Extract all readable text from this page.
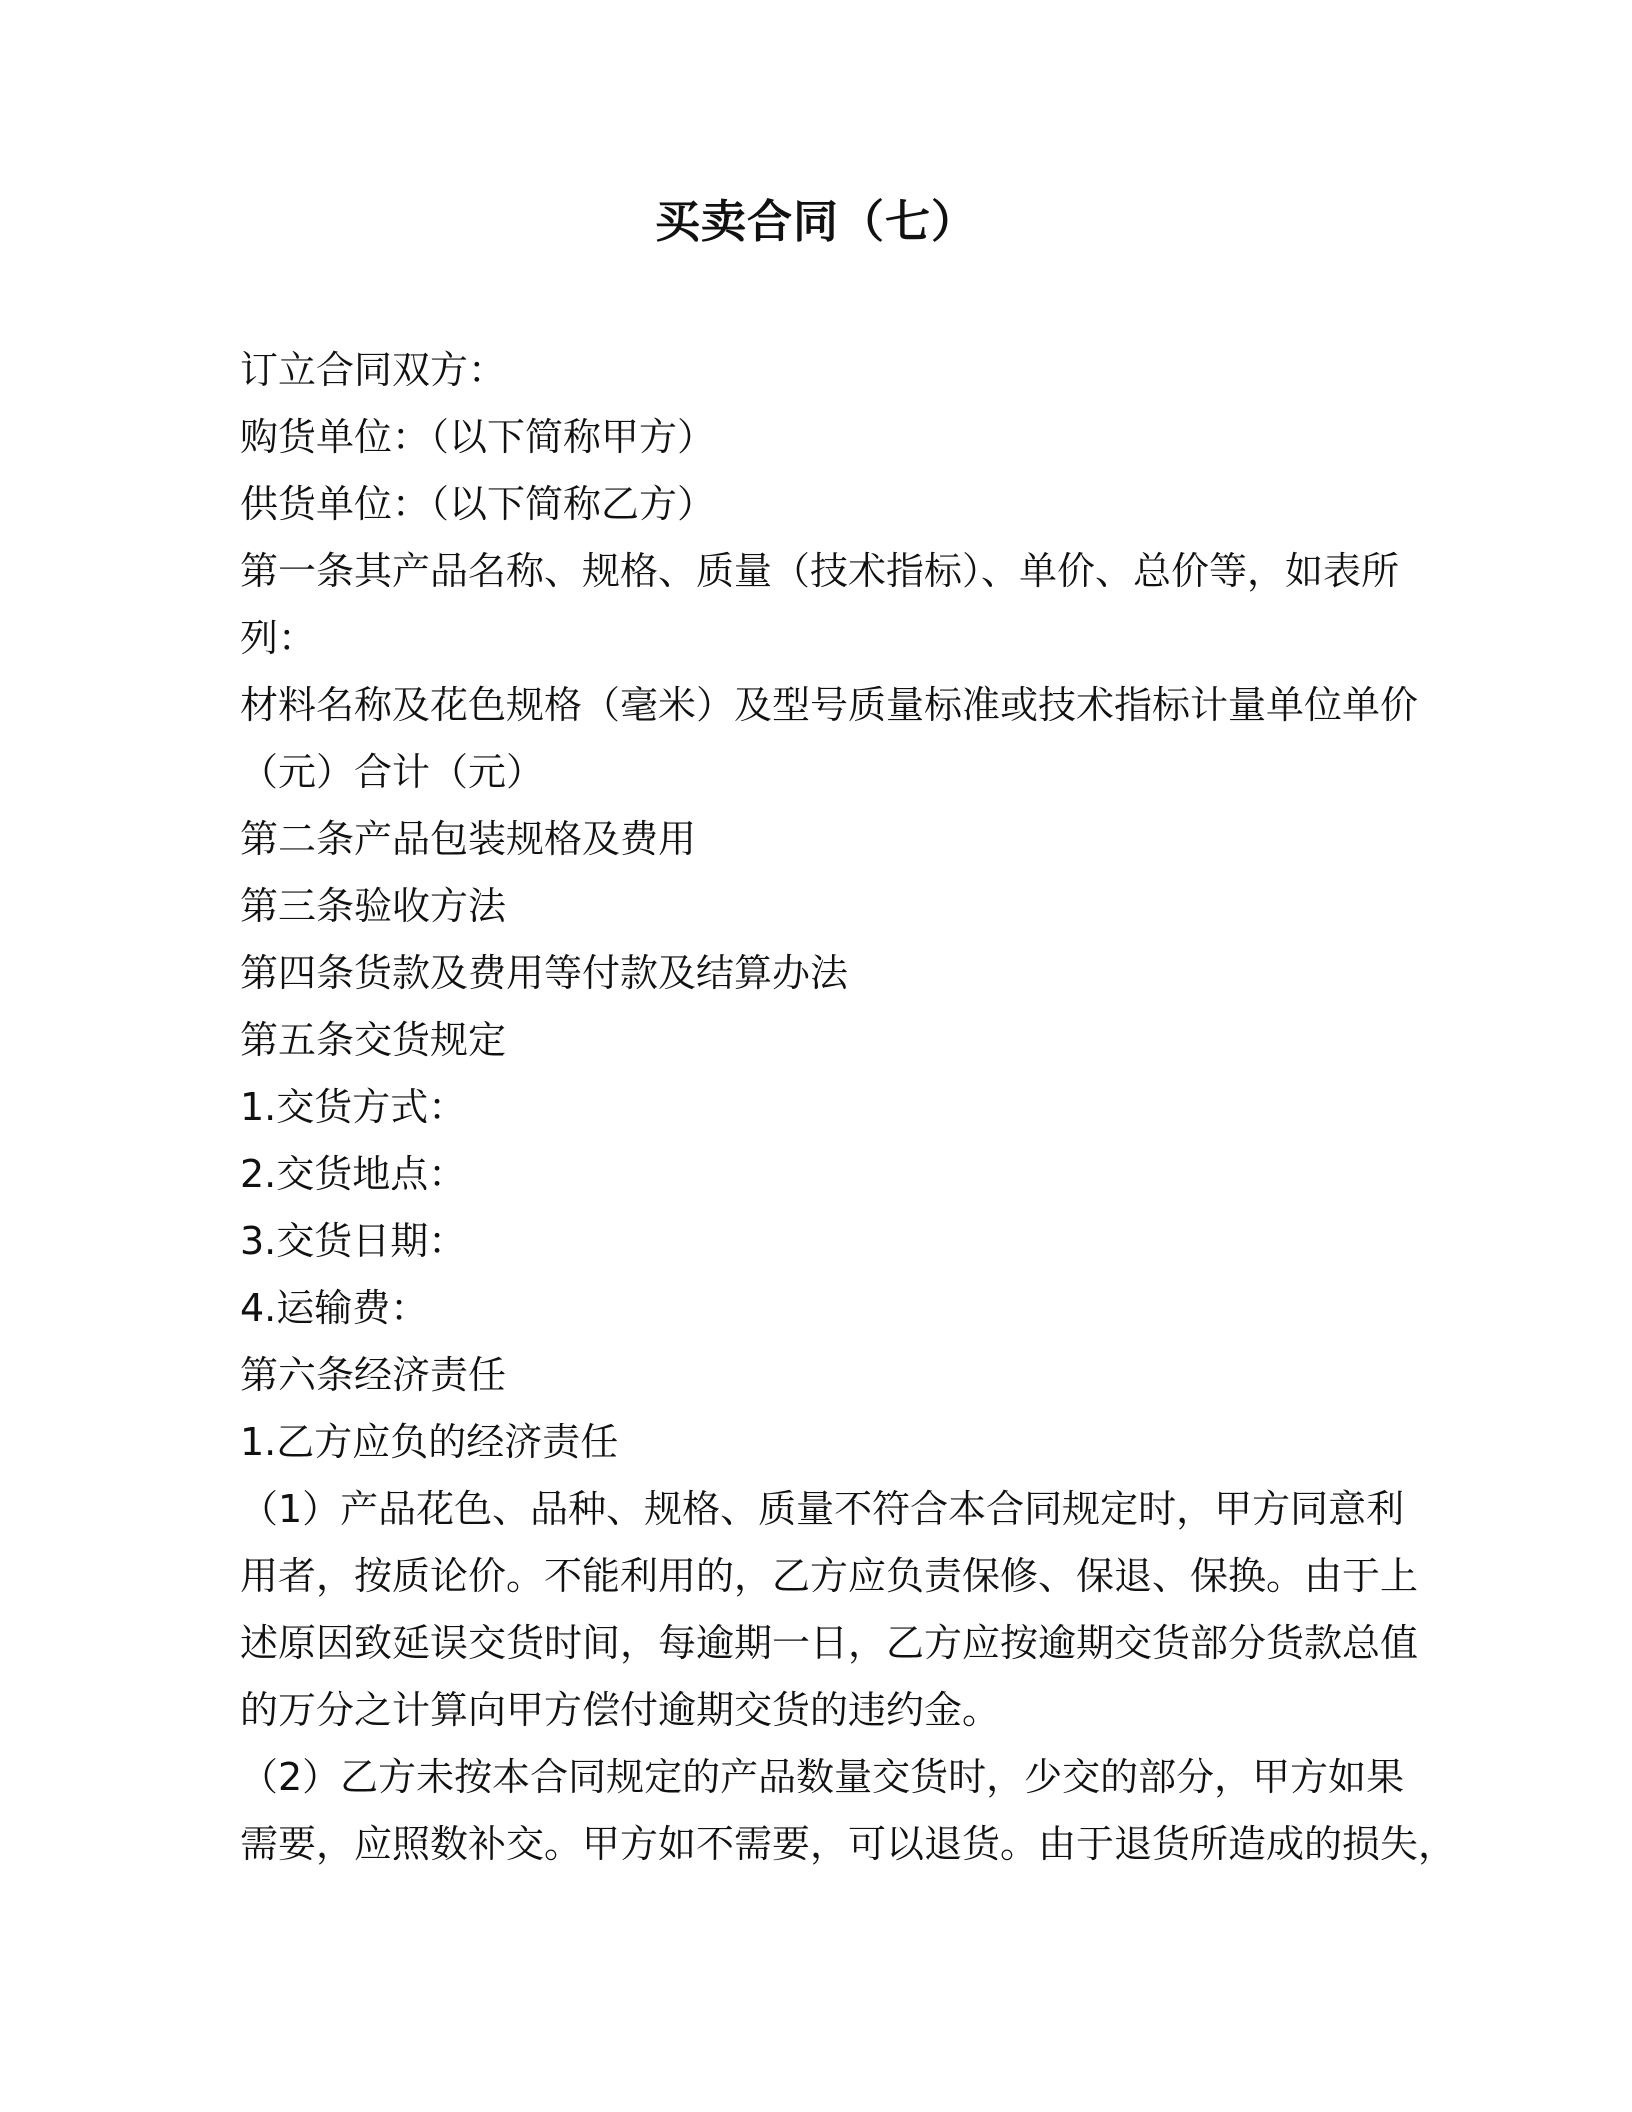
买卖合同（七）
订立合同双方：
购货单位：（以下简称甲方）
供货单位：（以下简称乙方）
第一条其产品名称、规格、质量（技术指标）、单价、总价等，如表所
列：
材料名称及花色规格（毫米）及型号质量标准或技术指标计量单位单价
（元）合计（元）
第二条产品包装规格及费用
第三条验收方法
第四条货款及费用等付款及结算办法
第五条交货规定
1.交货方式：
2.交货地点：
3.交货日期：
4.运输费：
第六条经济责任
1.乙方应负的经济责任
（1）产品花色、品种、规格、质量不符合本合同规定时，甲方同意利
用者，按质论价。不能利用的，乙方应负责保修、保退、保换。由于上
述原因致延误交货时间，每逾期一日，乙方应按逾期交货部分货款总值
的万分之计算向甲方偿付逾期交货的违约金。
（2）乙方未按本合同规定的产品数量交货时，少交的部分，甲方如果
需要，应照数补交。甲方如不需要，可以退货。由于退货所造成的损失，
